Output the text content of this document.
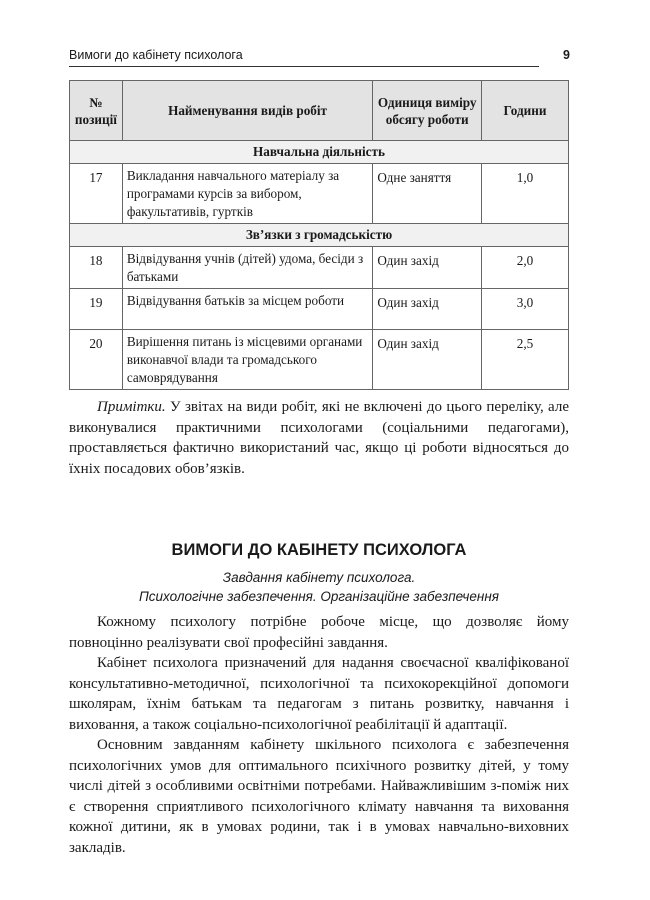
Вимоги до кабінету психолога	9
№ позиції	Найменування видів робіт	Одиниця виміру обсягу роботи	Години
Навчальна діяльність			
17	Викладання навчального матеріалу за програмами курсів за вибором, факультативів, гуртків	Одне заняття	1,0
Зв’язки з громадськістю			
18	Відвідування учнів (дітей) удома, бесіди з батьками	Один захід	2,0
19	Відвідування батьків за місцем роботи	Один захід	3,0
20	Вирішення питань із місцевими органами виконавчої влади та громадського самоврядування	Один захід	2,5

Примітки. У звітах на види робіт, які не включені до цього переліку, але виконувалися практичними психологами (соціальними педагогами), проставляється фактично використаний час, якщо ці роботи відносяться до їхніх посадових обов’язків.

ВИМОГИ ДО КАБІНЕТУ ПСИХОЛОГА
Завдання кабінету психолога.
Психологічне забезпечення. Організаційне забезпечення

Кожному психологу потрібне робоче місце, що дозволяє йому повноцінно реалізувати свої професійні завдання.

Кабінет психолога призначений для надання своєчасної кваліфікованої консультативно-методичної, психологічної та психокорекційної допомоги школярам, їхнім батькам та педагогам з питань розвитку, навчання і виховання, а також соціально-психологічної реабілітації й адаптації.

Основним завданням кабінету шкільного психолога є забезпечення психологічних умов для оптимального психічного розвитку дітей, у тому числі дітей з особливими освітніми потребами. Найважливішим з-поміж них є створення сприятливого психологічного клімату навчання та виховання кожної дитини, як в умовах родини, так і в умовах навчально-виховних закладів.
